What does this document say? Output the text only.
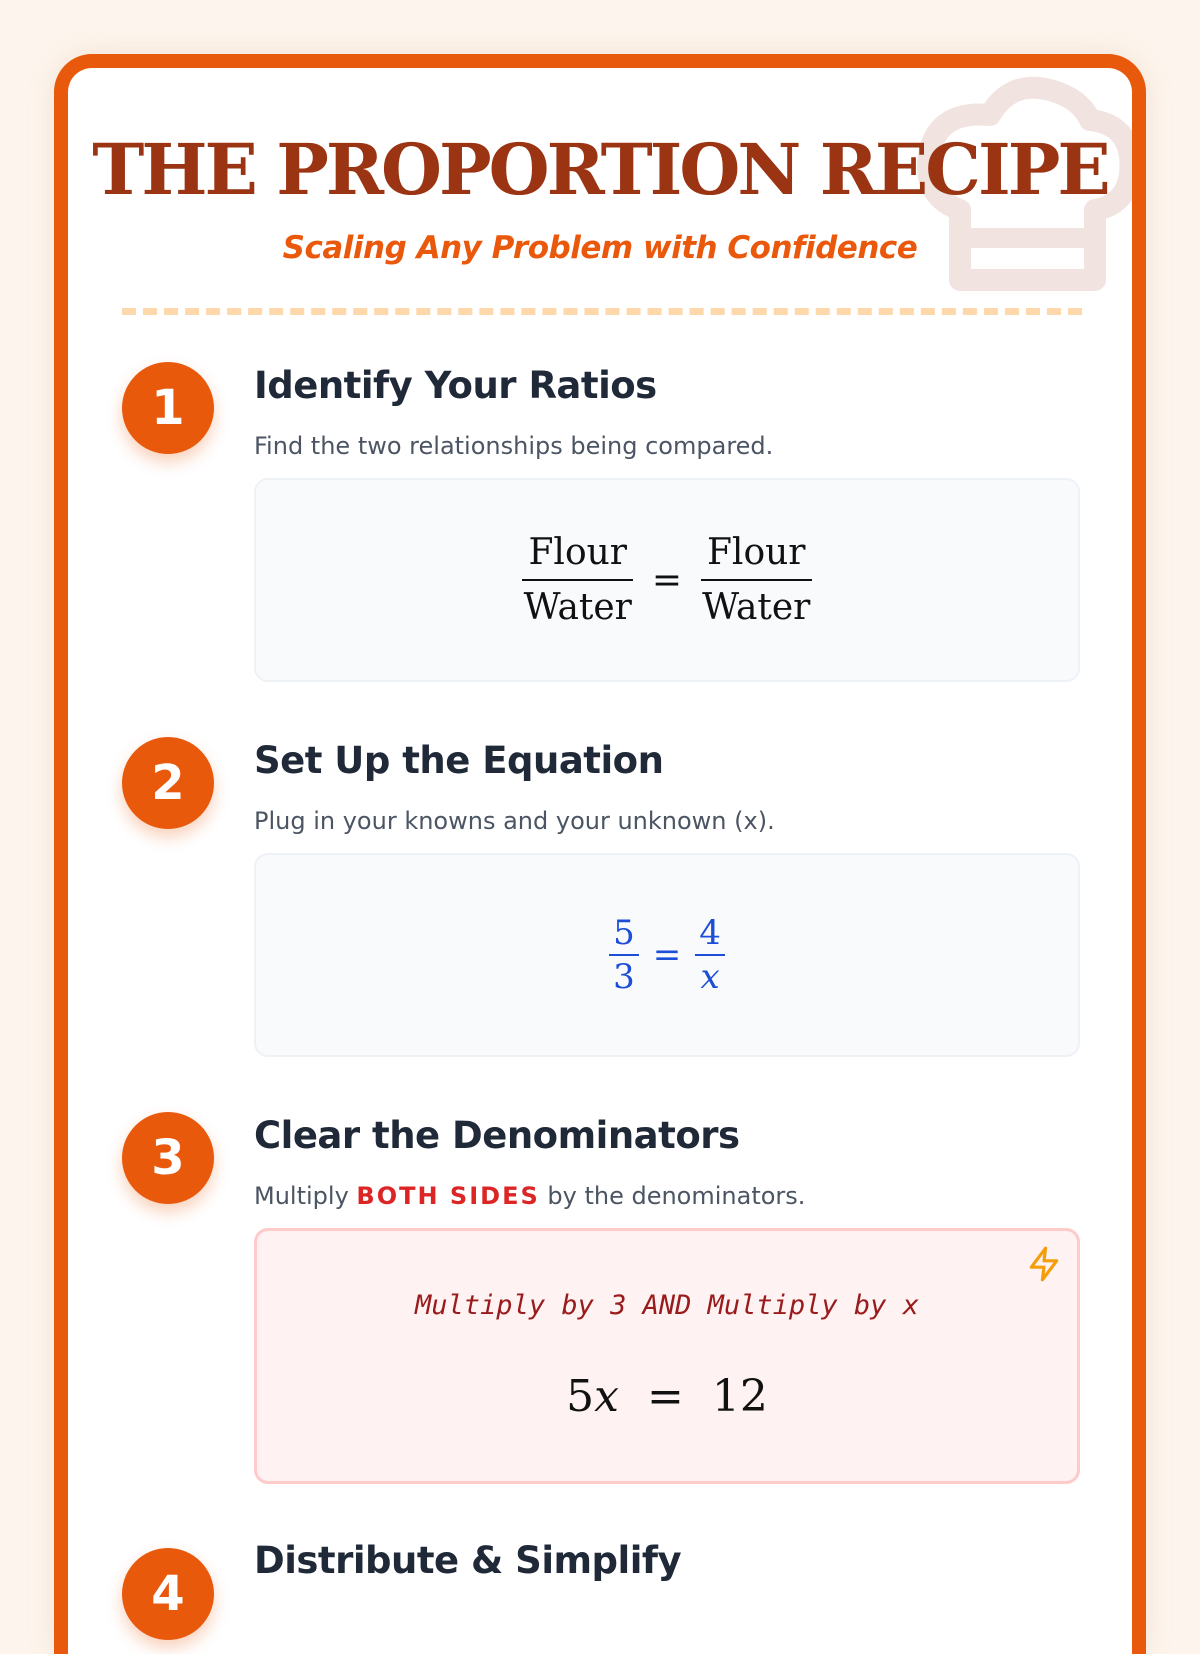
THE PROPORTION RECIPE

Scaling Any Problem with Confidence

1	Identify Your Ratios

Find the two relationships being compared.

$\frac{\text{Flour}}{\text{Water}} = \frac{\text{Flour}}{\text{Water}}$
2	Set Up the Equation

Plug in your knowns and your unknown (x).

$\frac{5}{3} = \frac{4}{x}$
3	Clear the Denominators

Multiply BOTH SIDES by the denominators.

Multiply by 3 AND Multiply by x

5x = 12
4
Distribute & Simplify
